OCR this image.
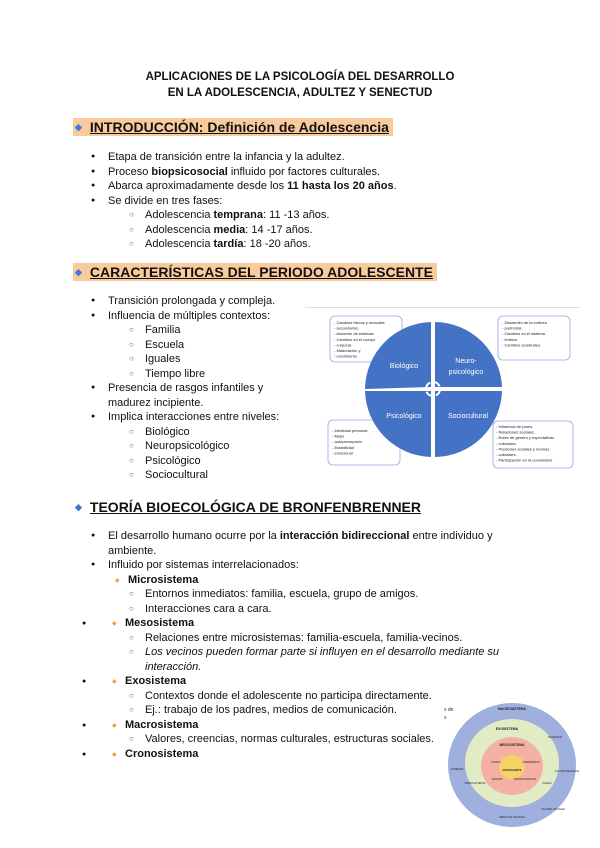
APLICACIONES DE LA PSICOLOGÍA DEL DESARROLLO
EN LA ADOLESCENCIA, ADULTEZ Y SENECTUD
◆ INTRODUCCIÓN: Definición de Adolescencia
◆ CARACTERÍSTICAS DEL PERIODO ADOLESCENTE
- Cambios físicos y sexuales
- secundarios.
- Aumento de estatura.
- Cambios en el cuerpo
- corporal.
- Maduración y
- crecimiento.
- Desarrollo de la corteza
- prefrontal.
- Cambios en el sistema
- límbico.
- Cambios cerebrales.
- Identidad personal
- Mejor
- autopercepción
- Estabilidad
- emocional
- Influencia de pares.
- Relaciones sociales.
- Roles de género y expectativas
- culturales.
- Presiones sociales y normas
- culturales.
- Participación en la comunidad.
Biológico
Neuro-
psicológico
Psicológico	Sociocultural
◆ TEORÍA BIOECOLÓGICA DE BRONFENBRENNER
s de
s
MACROSISTEMA
EXOSISTEMA
MESOSISTEMA
ADOLESCENTE
TELEVISIÓN
GOBIERNO
FAMILIA	COMPAÑEROS
VECINOS	CENTRO ESCOLAR
IGLESIA
VALORES SOCIALES
CULTURA RELIGIOSA
SERVICIOS SOCIALES
FAMILIA EXTENSA
● Etapa de transición entre la infancia y la adultez.
● Proceso biopsicosocial influido por factores culturales.
● Abarca aproximadamente desde los 11 hasta los 20 años.
● Se divide en tres fases:
○ Adolescencia temprana: 11 -13 años.
○ Adolescencia media: 14 -17 años.
○ Adolescencia tardía: 18 -20 años.
● Transición prolongada y compleja.
● Influencia de múltiples contextos:
○ Familia
○ Escuela
○ Iguales
○ Tiempo libre
● Presencia de rasgos infantiles y
madurez incipiente.
● Implica interacciones entre niveles:
○ Biológico
○ Neuropsicológico
○ Psicológico
○ Sociocultural
● El desarrollo humano ocurre por la interacción bidireccional entre individuo y
ambiente.
● Influido por sistemas interrelacionados:
◆ Microsistema
○ Entornos inmediatos: familia, escuela, grupo de amigos.
○ Interacciones cara a cara.
◆ Mesosistema
●
○ Relaciones entre microsistemas: familia-escuela, familia-vecinos.
○ Los vecinos pueden formar parte si influyen en el desarrollo mediante su
interacción.
◆ Exosistema
●
○ Contextos donde el adolescente no participa directamente.
○ Ej.: trabajo de los padres, medios de comunicación.
◆ Macrosistema
●
○ Valores, creencias, normas culturales, estructuras sociales.
◆ Cronosistema
●
